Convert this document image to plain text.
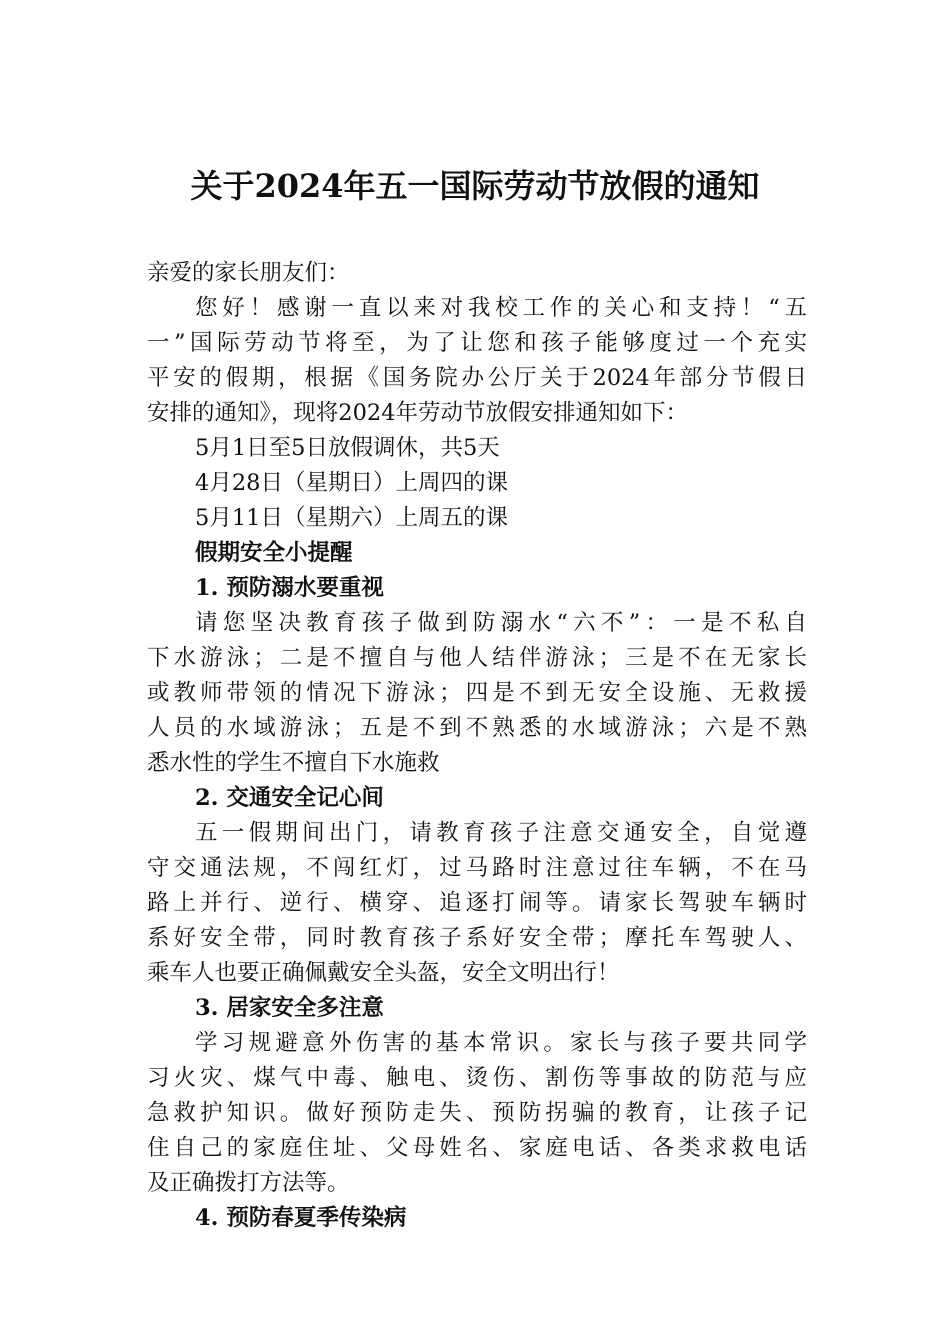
关于2024年五一国际劳动节放假的通知
亲爱的家长朋友们：
您好！感谢一直以来对我校工作的关心和支持！“五
一”国际劳动节将至，为了让您和孩子能够度过一个充实
平安的假期，根据《国务院办公厅关于2024年部分节假日
安排的通知》，现将2024年劳动节放假安排通知如下：
5月1日至5日放假调休，共5天
4月28日（星期日）上周四的课
5月11日（星期六）上周五的课
假期安全小提醒
1. 预防溺水要重视
请您坚决教育孩子做到防溺水“六不”：一是不私自
下水游泳；二是不擅自与他人结伴游泳；三是不在无家长
或教师带领的情况下游泳；四是不到无安全设施、无救援
人员的水域游泳；五是不到不熟悉的水域游泳；六是不熟
悉水性的学生不擅自下水施救
2. 交通安全记心间
五一假期间出门，请教育孩子注意交通安全，自觉遵
守交通法规，不闯红灯，过马路时注意过往车辆，不在马
路上并行、逆行、横穿、追逐打闹等。请家长驾驶车辆时
系好安全带，同时教育孩子系好安全带；摩托车驾驶人、
乘车人也要正确佩戴安全头盔，安全文明出行！
3. 居家安全多注意
学习规避意外伤害的基本常识。家长与孩子要共同学
习火灾、煤气中毒、触电、烫伤、割伤等事故的防范与应
急救护知识。做好预防走失、预防拐骗的教育，让孩子记
住自己的家庭住址、父母姓名、家庭电话、各类求救电话
及正确拨打方法等。
4. 预防春夏季传染病
